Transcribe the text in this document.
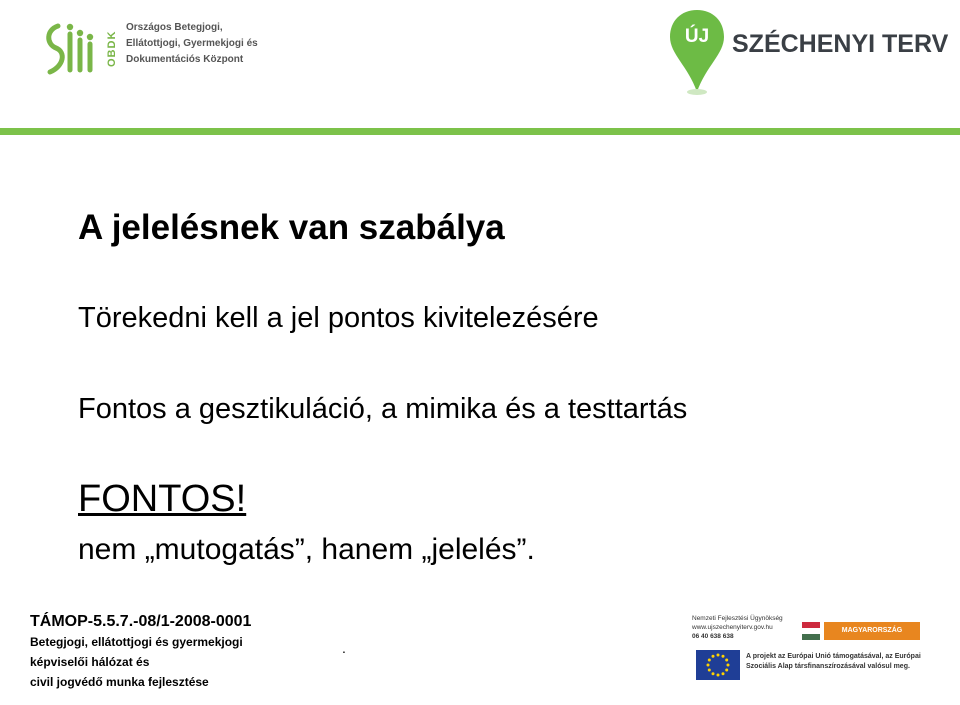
OBDK
Országos Betegjogi,
Ellátottjogi, Gyermekjogi és
Dokumentációs Központ
ÚJ SZÉCHENYI TERV
A jelelésnek van szabálya
Törekedni kell a jel pontos kivitelezésére
Fontos a gesztikuláció, a mimika és a testtartás
FONTOS!
nem „mutogatás”, hanem „jelelés”.
TÁMOP-5.5.7.-08/1-2008-0001
Betegjogi, ellátottjogi és gyermekjogi
képviselői hálózat és
civil jogvédő munka fejlesztése
.
Nemzeti Fejlesztési Ügynökség
www.ujszechenyiterv.gov.hu
06 40 638 638
MAGYARORSZÁG MEGÚJUL
A projekt az Európai Unió támogatásával, az Európai
Szociális Alap társfinanszírozásával valósul meg.
